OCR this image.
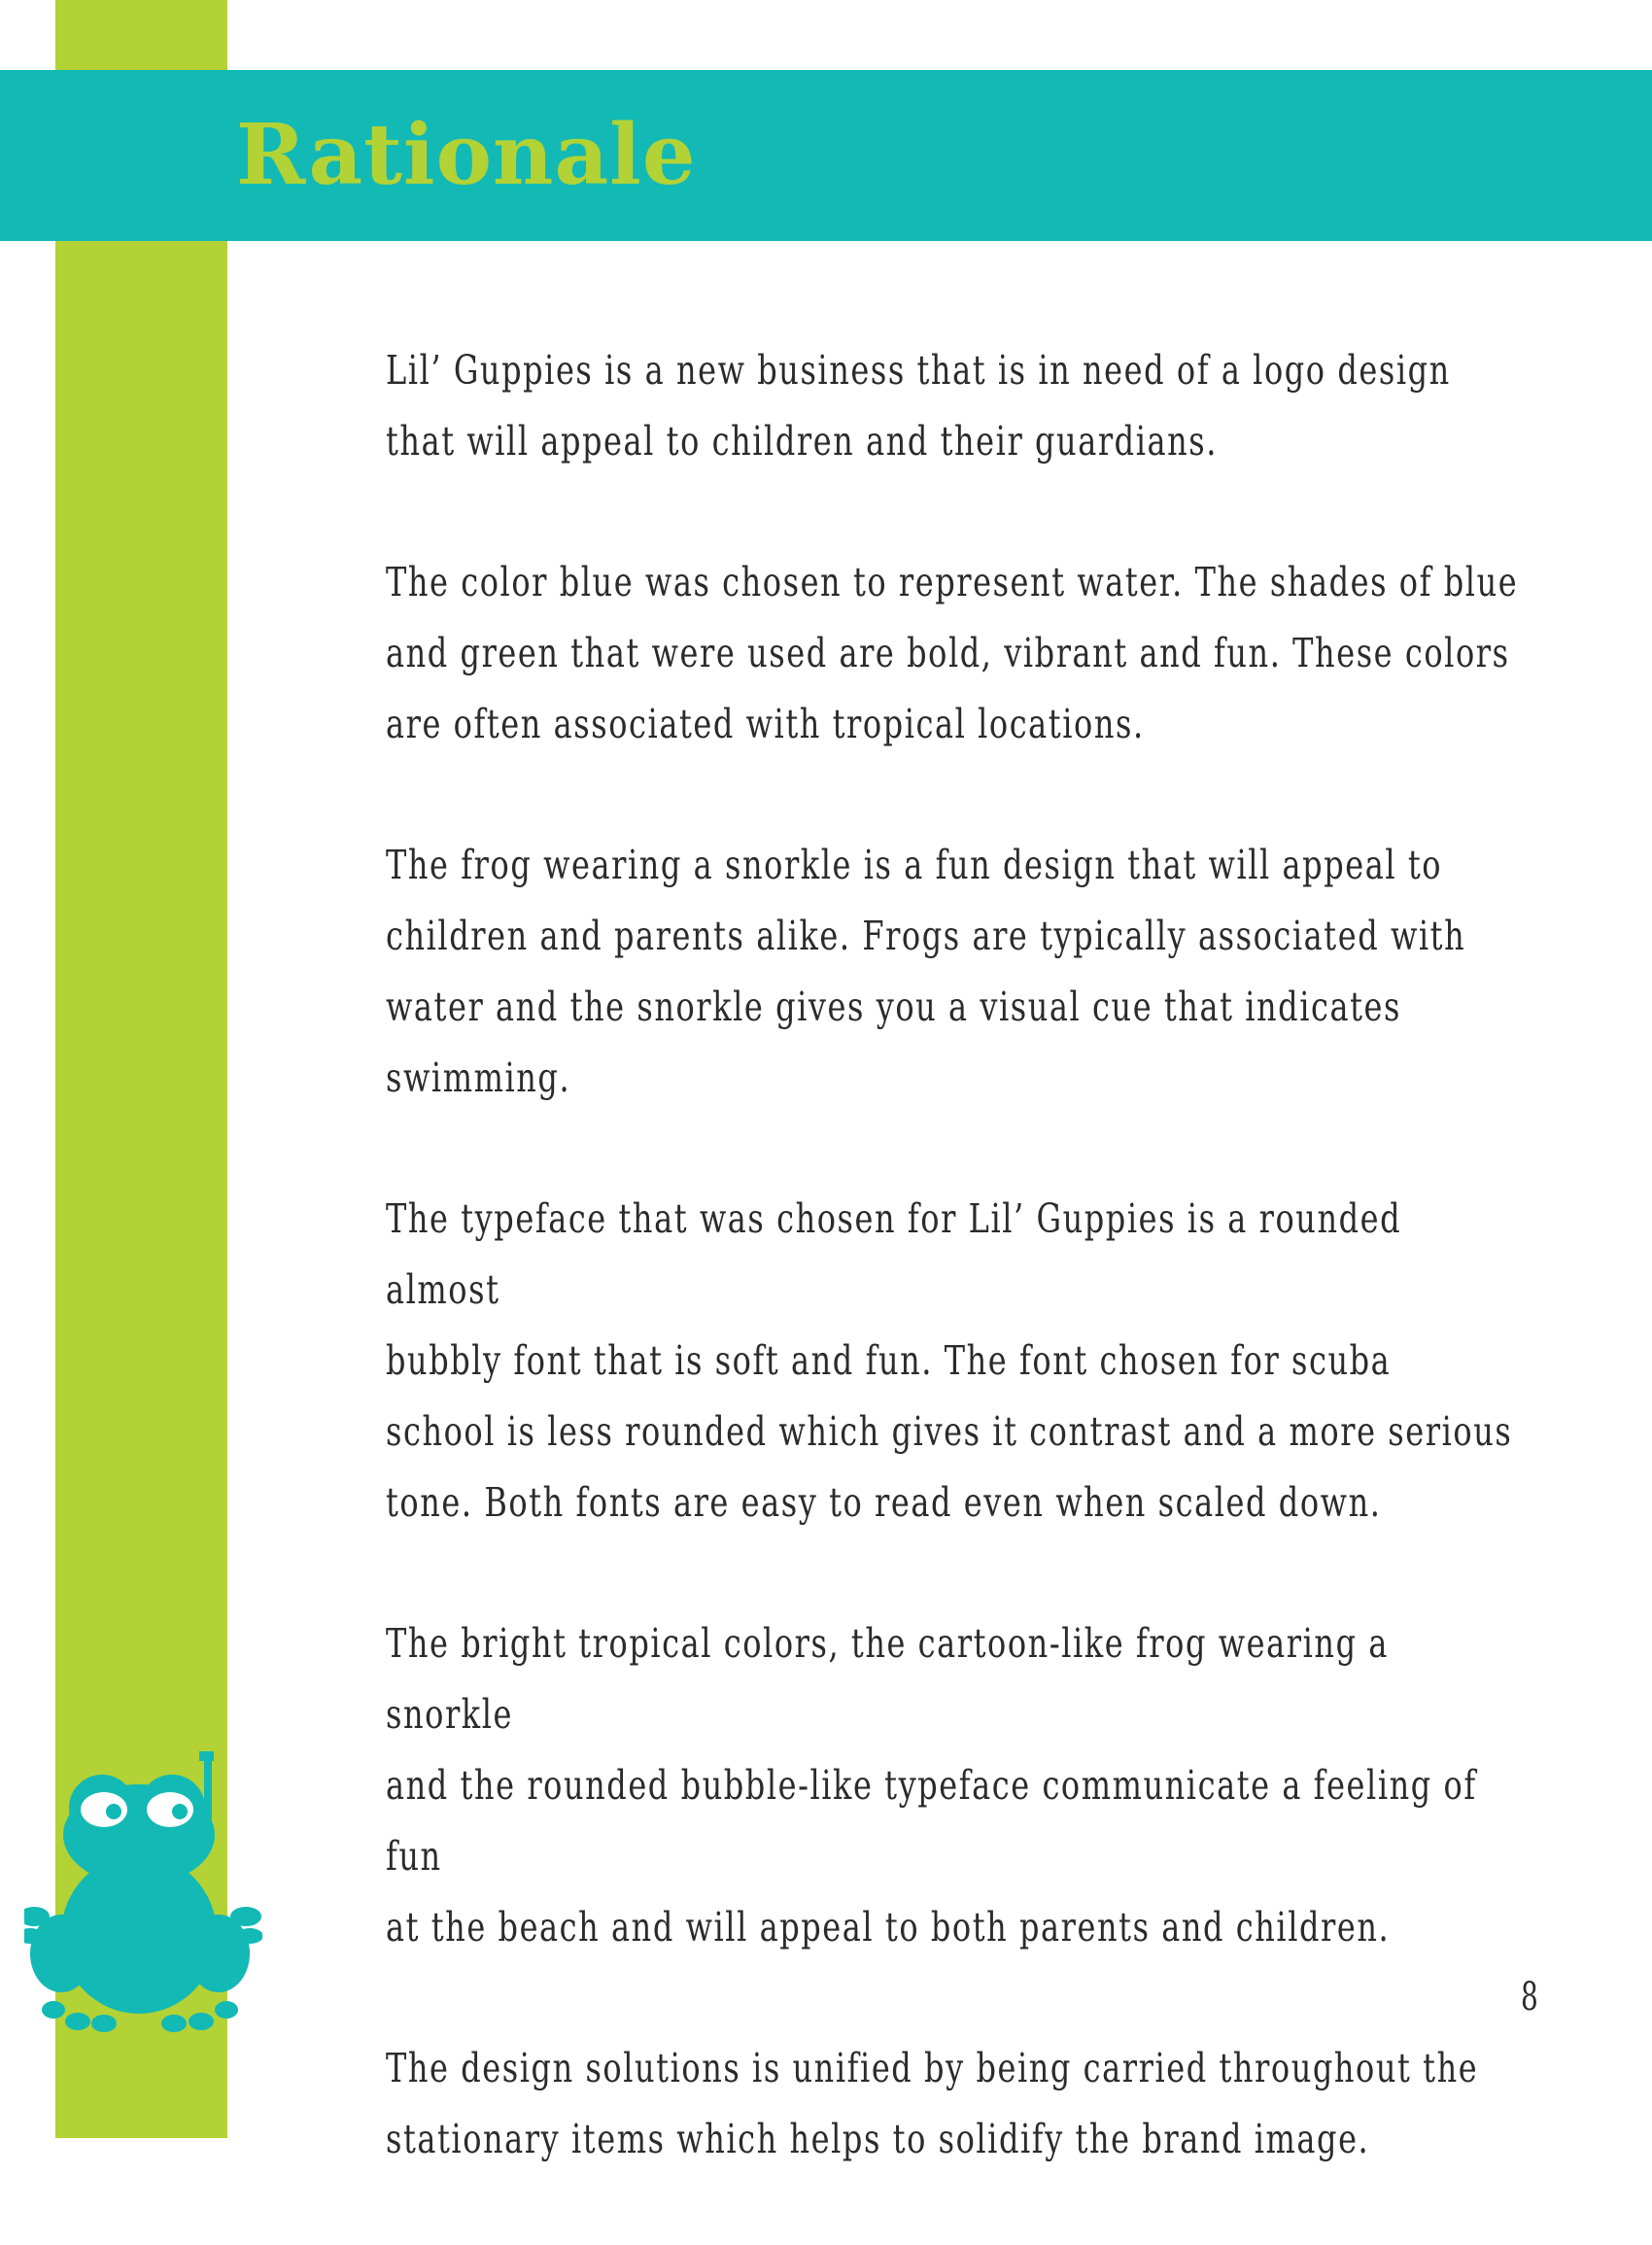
Rationale

Lil’ Guppies is a new business that is in need of a logo design
that will appeal to children and their guardians.

The color blue was chosen to represent water. The shades of blue
and green that were used are bold, vibrant and fun. These colors
are often associated with tropical locations.

The frog wearing a snorkle is a fun design that will appeal to
children and parents alike. Frogs are typically associated with
water and the snorkle gives you a visual cue that indicates
swimming.

The typeface that was chosen for Lil’ Guppies is a rounded almost
bubbly font that is soft and fun. The font chosen for scuba
school is less rounded which gives it contrast and a more serious
tone. Both fonts are easy to read even when scaled down.

The bright tropical colors, the cartoon-like frog wearing a snorkle
and the rounded bubble-like typeface communicate a feeling of fun
at the beach and will appeal to both parents and children.

The design solutions is unified by being carried throughout the
stationary items which helps to solidify the brand image.

8
